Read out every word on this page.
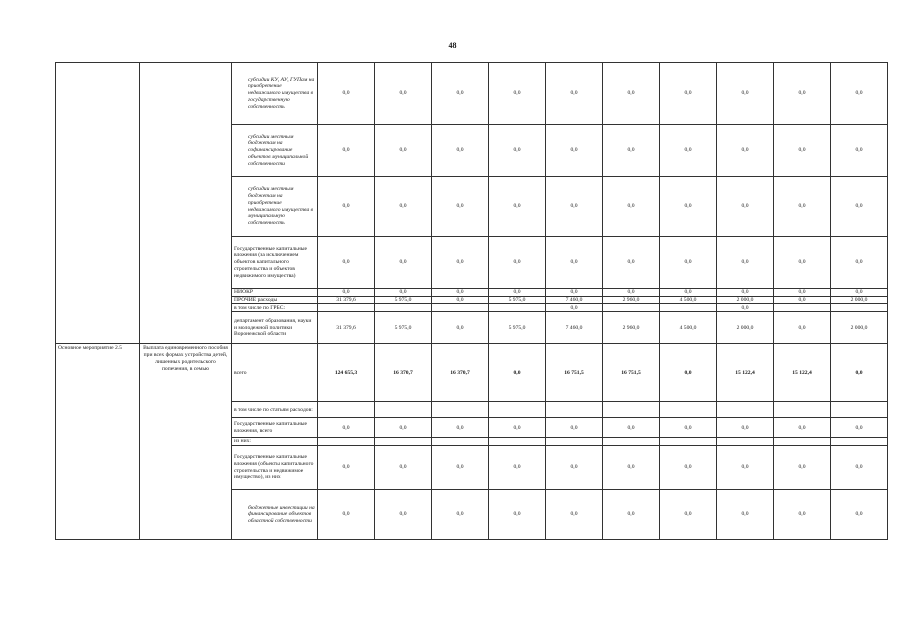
48
		субсидии КУ, АУ, ГУПам на приобретение недвижимого имущества в государственную собственность	0,0	0,0	0,0	0,0	0,0	0,0	0,0	0,0	0,0	0,0
		субсидии местным бюджетам на софинансирование объектов муниципальной собственности	0,0	0,0	0,0	0,0	0,0	0,0	0,0	0,0	0,0	0,0
		субсидии местным бюджетам на приобретение недвижимого имущества в муниципальную собственность	0,0	0,0	0,0	0,0	0,0	0,0	0,0	0,0	0,0	0,0
		Государственные капитальные вложения (за исключением объектов капитального строительства и объектов недвижимого имущества)	0,0	0,0	0,0	0,0	0,0	0,0	0,0	0,0	0,0	0,0
		НИОКР	0,0	0,0	0,0	0,0	0,0	0,0	0,0	0,0	0,0	0,0
		ПРОЧИЕ расходы	31 379,6	5 975,0	0,0	5 975,0	7 460,0	2 960,0	4 500,0	2 000,0	0,0	2 000,0
		в том числе по ГРБС:					0,0			0,0		
		департамент образования, науки и молодежной политики Воронежской области	31 379,6	5 975,0	0,0	5 975,0	7 460,0	2 960,0	4 500,0	2 000,0	0,0	2 000,0
Основное мероприятие 2.5	Выплата единовременного пособия при всех формах устройства детей, лишенных родительского попечения, в семью	всего	124 655,3	16 370,7	16 370,7	0,0	16 751,5	16 751,5	0,0	15 122,4	15 122,4	0,0
		в том числе по статьям расходов:										
		Государственные капитальные вложения, всего	0,0	0,0	0,0	0,0	0,0	0,0	0,0	0,0	0,0	0,0
		из них:										
		Государственные капитальные вложения (объекты капитального строительства и недвижимое имущество), из них	0,0	0,0	0,0	0,0	0,0	0,0	0,0	0,0	0,0	0,0
		бюджетные инвестиции на финансирование объектов областной собственности	0,0	0,0	0,0	0,0	0,0	0,0	0,0	0,0	0,0	0,0
